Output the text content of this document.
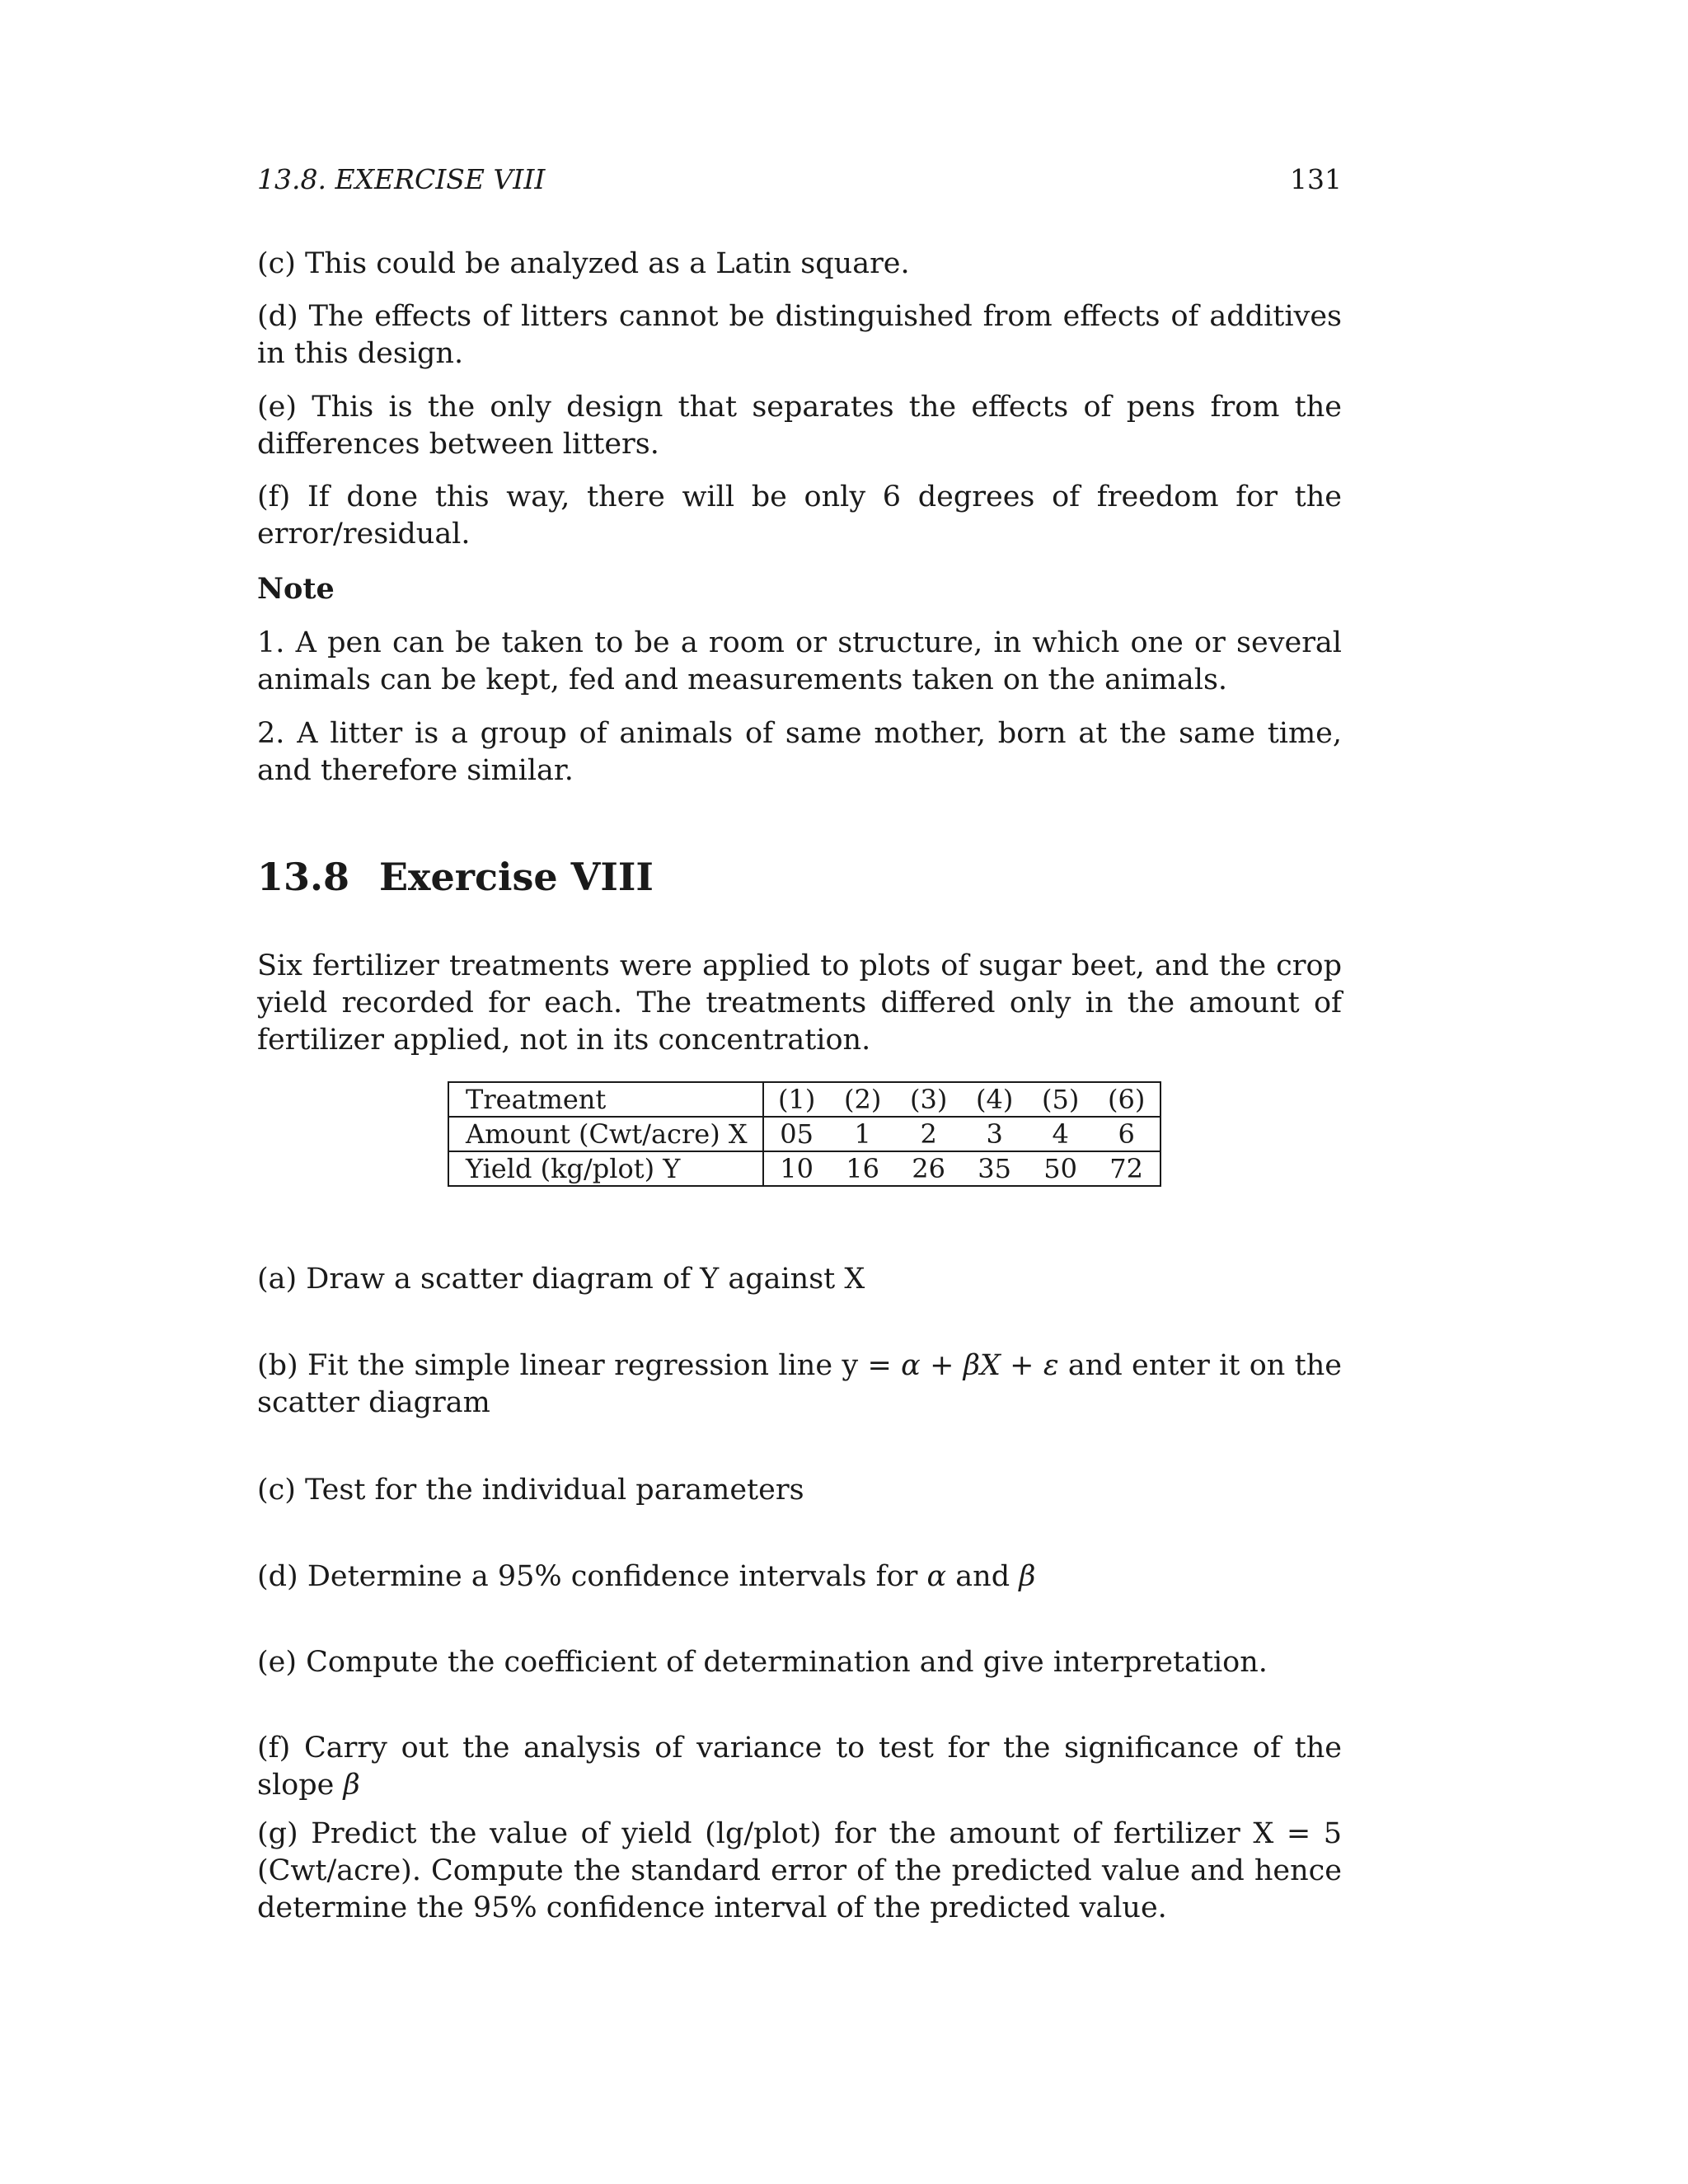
13.8. EXERCISE VIII	131
(c) This could be analyzed as a Latin square.
(d) The effects of litters cannot be distinguished from effects of additives in this design.
(e) This is the only design that separates the effects of pens from the differences between litters.
(f) If done this way, there will be only 6 degrees of freedom for the error/residual.
Note
1. A pen can be taken to be a room or structure, in which one or several animals can be kept, fed and measurements taken on the animals.
2. A litter is a group of animals of same mother, born at the same time, and therefore similar.
13.8 Exercise VIII
Six fertilizer treatments were applied to plots of sugar beet, and the crop yield recorded for each. The treatments differed only in the amount of fertilizer applied, not in its concentration.
Treatment	(1)	(2)	(3)	(4)	(5)	(6)
Amount (Cwt/acre) X	05	1	2	3	4	6
Yield (kg/plot) Y	10	16	26	35	50	72
(a) Draw a scatter diagram of Y against X
(b) Fit the simple linear regression line y = α + βX + ε and enter it on the scatter diagram
(c) Test for the individual parameters
(d) Determine a 95% confidence intervals for α and β
(e) Compute the coefficient of determination and give interpretation.
(f) Carry out the analysis of variance to test for the significance of the slope β
(g) Predict the value of yield (lg/plot) for the amount of fertilizer X = 5 (Cwt/acre). Compute the standard error of the predicted value and hence determine the 95% confidence interval of the predicted value.
